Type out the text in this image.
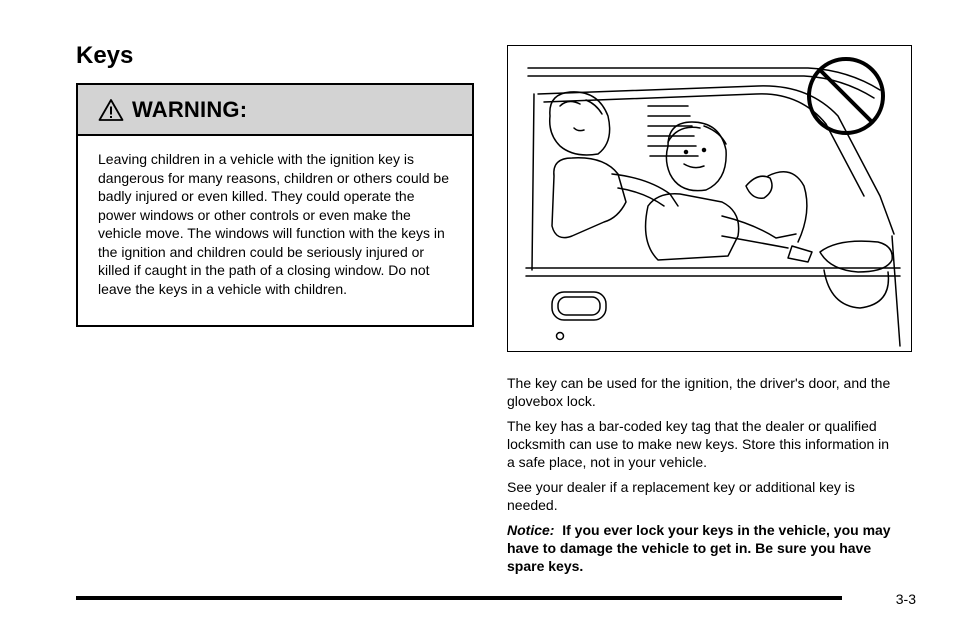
Keys
WARNING:
Leaving children in a vehicle with the ignition key is dangerous for many reasons, children or others could be badly injured or even killed. They could operate the power windows or other controls or even make the vehicle move. The windows will function with the keys in the ignition and children could be seriously injured or killed if caught in the path of a closing window. Do not leave the keys in a vehicle with children.

The key can be used for the ignition, the driver's door, and the glovebox lock.

The key has a bar-coded key tag that the dealer or qualified locksmith can use to make new keys. Store this information in a safe place, not in your vehicle.

See your dealer if a replacement key or additional key is needed.

Notice: If you ever lock your keys in the vehicle, you may have to damage the vehicle to get in. Be sure you have spare keys.

3-3
